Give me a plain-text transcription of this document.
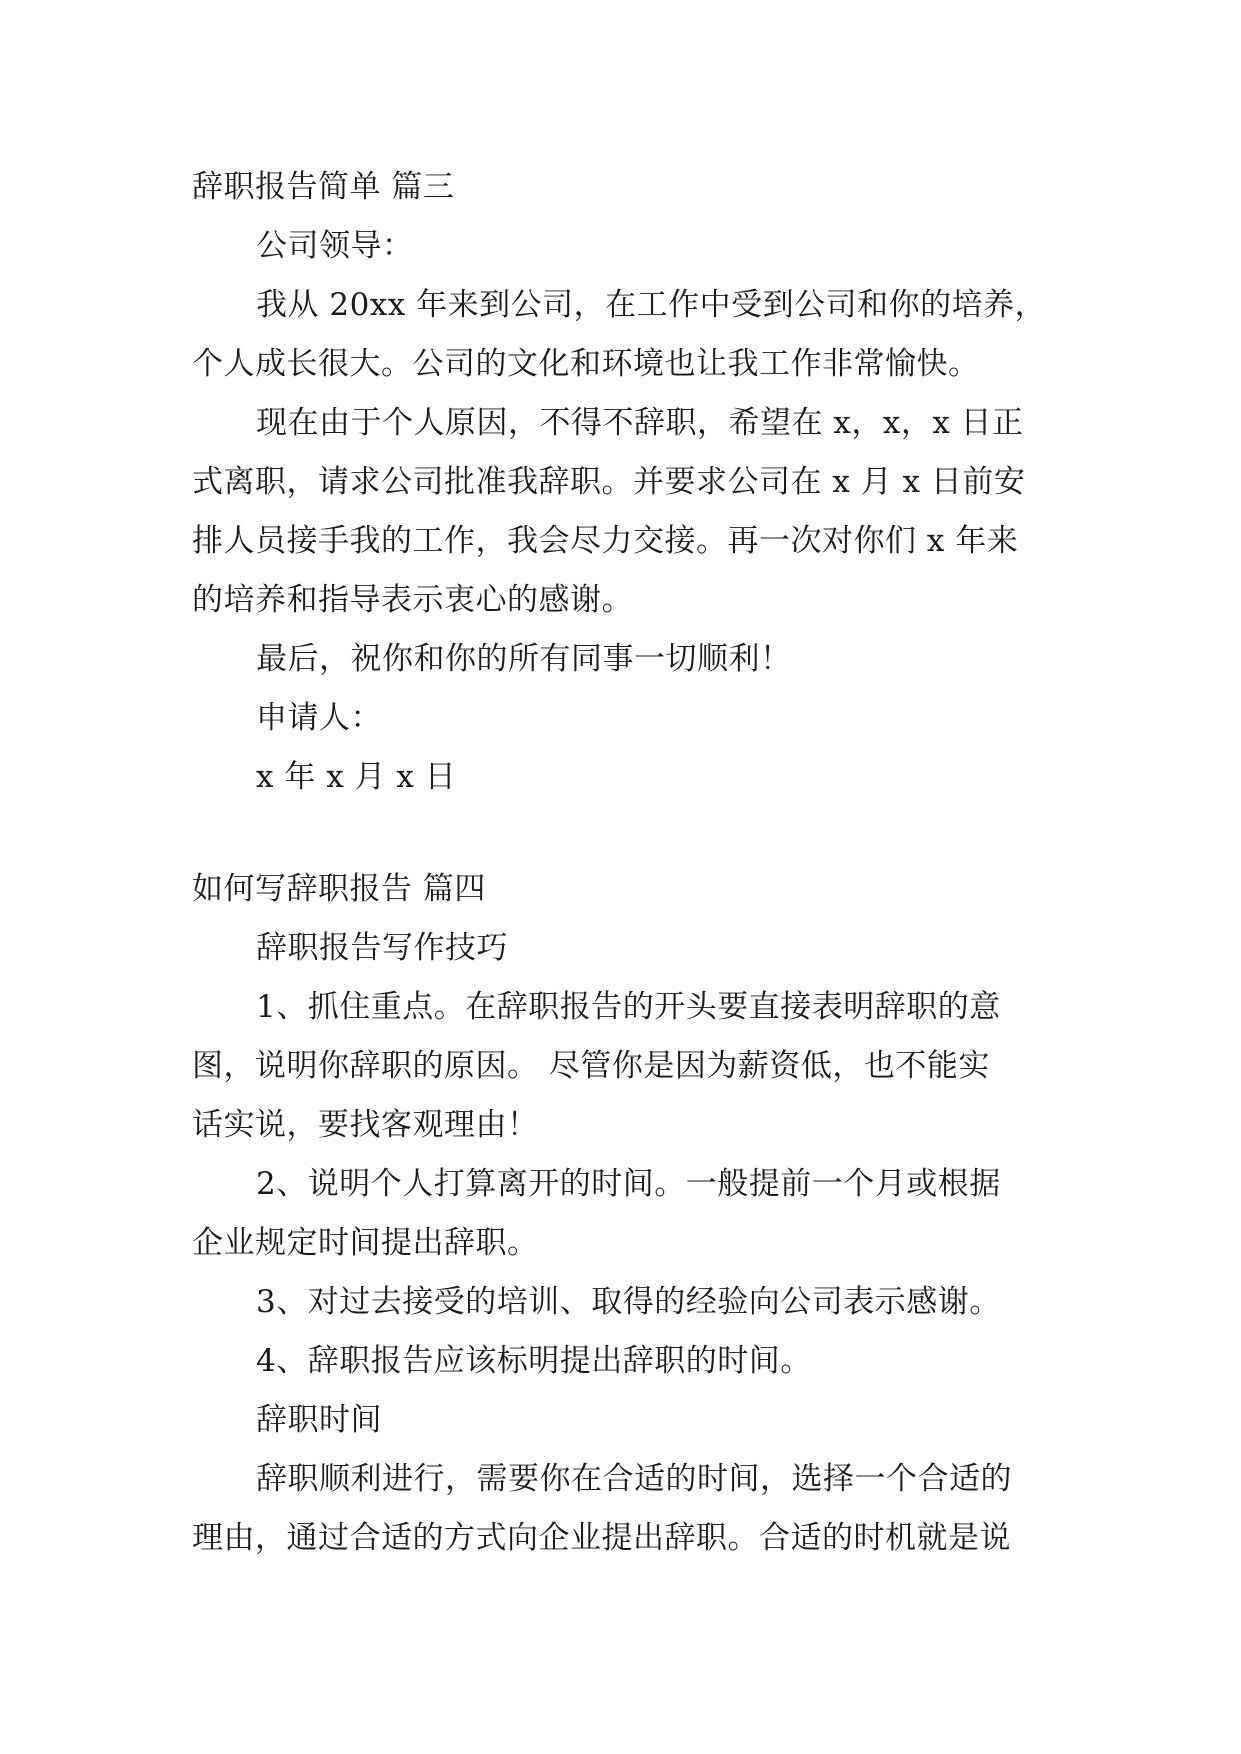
辞职报告简单 篇三
公司领导：
我从 20xx 年来到公司，在工作中受到公司和你的培养，
个人成长很大。公司的文化和环境也让我工作非常愉快。
现在由于个人原因，不得不辞职，希望在 x，x，x 日正
式离职，请求公司批准我辞职。并要求公司在 x 月 x 日前安
排人员接手我的工作，我会尽力交接。再一次对你们 x 年来
的培养和指导表示衷心的感谢。
最后，祝你和你的所有同事一切顺利！
申请人：
x 年 x 月 x 日
如何写辞职报告 篇四
辞职报告写作技巧
1、抓住重点。在辞职报告的开头要直接表明辞职的意
图，说明你辞职的原因。 尽管你是因为薪资低，也不能实
话实说，要找客观理由！
2、说明个人打算离开的时间。一般提前一个月或根据
企业规定时间提出辞职。
3、对过去接受的培训、取得的经验向公司表示感谢。
4、辞职报告应该标明提出辞职的时间。
辞职时间
辞职顺利进行，需要你在合适的时间，选择一个合适的
理由，通过合适的方式向企业提出辞职。合适的时机就是说
